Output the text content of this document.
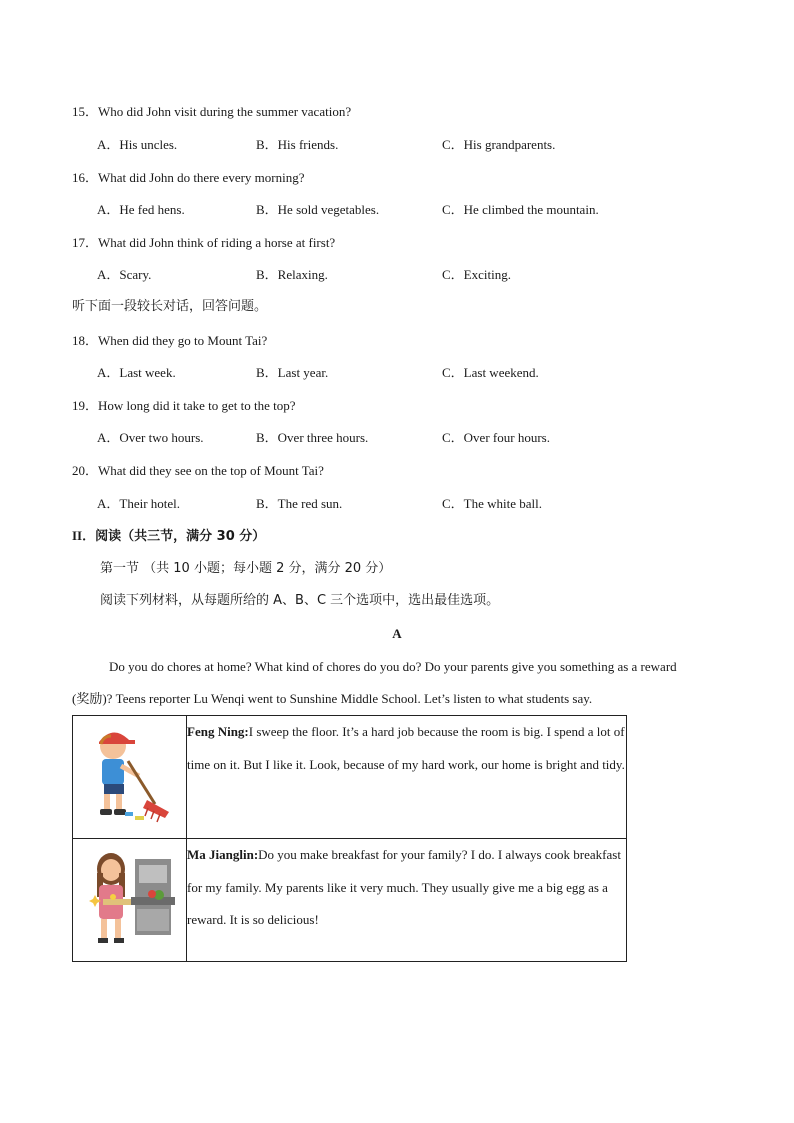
15．Who did John visit during the summer vacation?
A．His uncles.	B．His friends.	C．His grandparents.
16．What did John do there every morning?
A．He fed hens.	B．He sold vegetables.	C．He climbed the mountain.
17．What did John think of riding a horse at first?
A．Scary.	B．Relaxing.	C．Exciting.
听下面一段较长对话，回答问题。
18．When did they go to Mount Tai?
A．Last week.	B．Last year.	C．Last weekend.
19．How long did it take to get to the top?
A．Over two hours.	B．Over three hours.	C．Over four hours.
20．What did they see on the top of Mount Tai?
A．Their hotel.	B．The red sun.	C．The white ball.
II．阅读（共三节，满分 30 分）
第一节 （共 10 小题；每小题 2 分，满分 20 分）
阅读下列材料，从每题所给的 A、B、C 三个选项中，选出最佳选项。
A
Do you do chores at home? What kind of chores do you do? Do your parents give you something as a reward
(奖励)? Teens reporter Lu Wenqi went to Sunshine Middle School. Let’s listen to what students say.
	Feng Ning:I sweep the floor. It’s a hard job because the room is big. I spend a lot of time on it. But I like it. Look, because of my hard work, our home is bright and tidy.
	Ma Jianglin:Do you make breakfast for your family? I do. I always cook breakfast for my family. My parents like it very much. They usually give me a big egg as a reward. It is so delicious!
